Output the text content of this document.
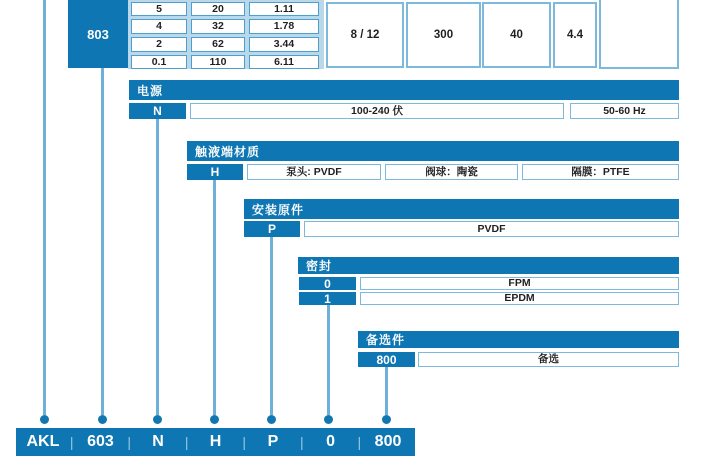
803
5	20	1.11
4	32	1.78
2	62	3.44
0.1	110	6.11
8 / 12	300	40	4.4
电源
N	100-240 伏	50-60 Hz
触液端材质
H	泵头: PVDF	阀球：陶瓷	隔膜：PTFE
安装原件
P	PVDF
密封
0	FPM
1	EPDM
备选件
800	备选
AKL | 603 |	N	|	H	|	P	|	0	| 800
